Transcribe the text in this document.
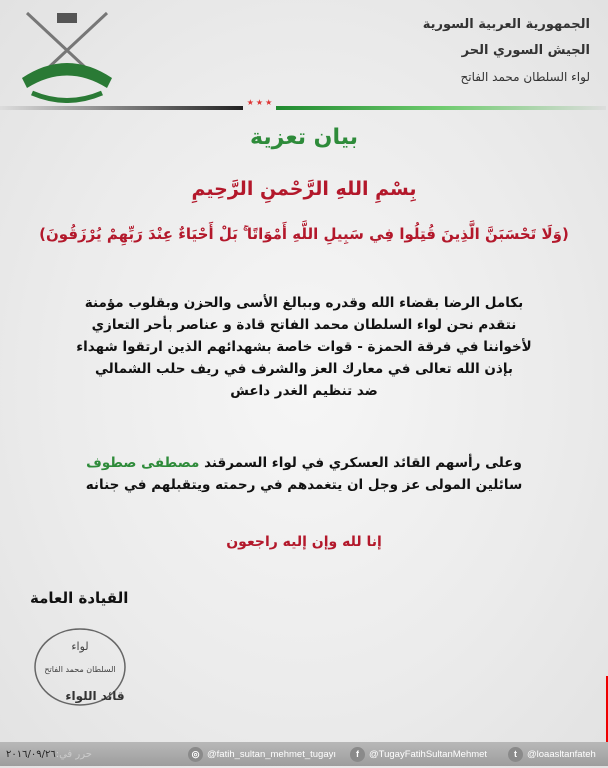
الجمهورية العربية السورية
الجيش السوري الحر
لواء السلطان محمد الفاتح
★★★
بيان تعزية
بِسْمِ اللهِ الرَّحْمنِ الرَّحِيمِ
(وَلَا تَحْسَبَنَّ الَّذِينَ قُتِلُوا فِي سَبِيلِ اللَّهِ أَمْوَاتًا ۚ بَلْ أَحْيَاءٌ عِنْدَ رَبِّهِمْ يُرْزَقُونَ)
بكامل الرضا بقضاء الله وقدره وببالغ الأسى والحزن وبقلوب مؤمنة
نتقدم نحن لواء السلطان محمد الفاتح قادة و عناصر بأحر التعازي
لأخواننا في فرقة الحمزة - قوات خاصة بشهدائهم الذين ارتقوا شهداء
بإذن الله تعالى في معارك العز والشرف في ريف حلب الشمالي
ضد تنظيم الغدر داعش
وعلى رأسهم القائد العسكري في لواء السمرقند مصطفى صطوف
سائلين المولى عز وجل ان يتغمدهم في رحمته ويتقبلهم في جنانه
إنا لله وإن إليه راجعون
القيادة العامة
لواء
السلطان محمد الفاتح
قائد اللواء
حرر في:٢٠١٦/٠٩/٢٦	◎ @fatih_sultan_mehmet_tugayı	f	@TugayFatihSultanMehmet	t	@loaasltanfateh
